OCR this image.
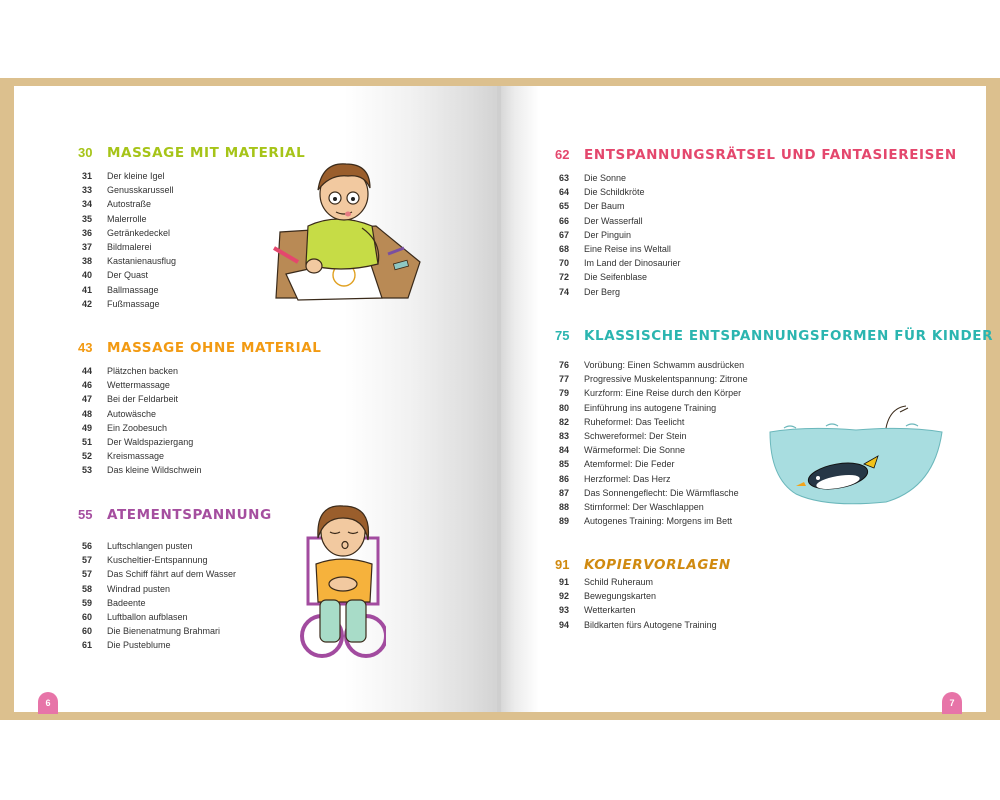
30	MASSAGE MIT MATERIAL
31	Der kleine Igel
33	Genusskarussell
34	Autostraße
35	Malerrolle
36	Getränkedeckel
37	Bildmalerei
38	Kastanienausflug
40	Der Quast
41	Ballmassage
42	Fußmassage
43	MASSAGE OHNE MATERIAL
44	Plätzchen backen
46	Wettermassage
47	Bei der Feldarbeit
48	Autowäsche
49	Ein Zoobesuch
51	Der Waldspaziergang
52	Kreismassage
53	Das kleine Wildschwein
55	ATEMENTSPANNUNG
56	Luftschlangen pusten
57	Kuscheltier-Entspannung
57	Das Schiff fährt auf dem Wasser
58	Windrad pusten
59	Badeente
60	Luftballon aufblasen
60	Die Bienenatmung Brahmari
61	Die Pusteblume
62	ENTSPANNUNGSRÄTSEL UND FANTASIEREISEN
63	Die Sonne
64	Die Schildkröte
65	Der Baum
66	Der Wasserfall
67	Der Pinguin
68	Eine Reise ins Weltall
70	Im Land der Dinosaurier
72	Die Seifenblase
74	Der Berg
75	KLASSISCHE ENTSPANNUNGSFORMEN FÜR KINDER
76	Vorübung: Einen Schwamm ausdrücken
77	Progressive Muskelentspannung: Zitrone
79	Kurzform: Eine Reise durch den Körper
80	Einführung ins autogene Training
82	Ruheformel: Das Teelicht
83	Schwereformel: Der Stein
84	Wärmeformel: Die Sonne
85	Atemformel: Die Feder
86	Herzformel: Das Herz
87	Das Sonnengeflecht: Die Wärmflasche
88	Stirnformel: Der Waschlappen
89	Autogenes Training: Morgens im Bett
91	KOPIERVORLAGEN
91	Schild Ruheraum
92	Bewegungskarten
93	Wetterkarten
94	Bildkarten fürs Autogene Training
6	7
